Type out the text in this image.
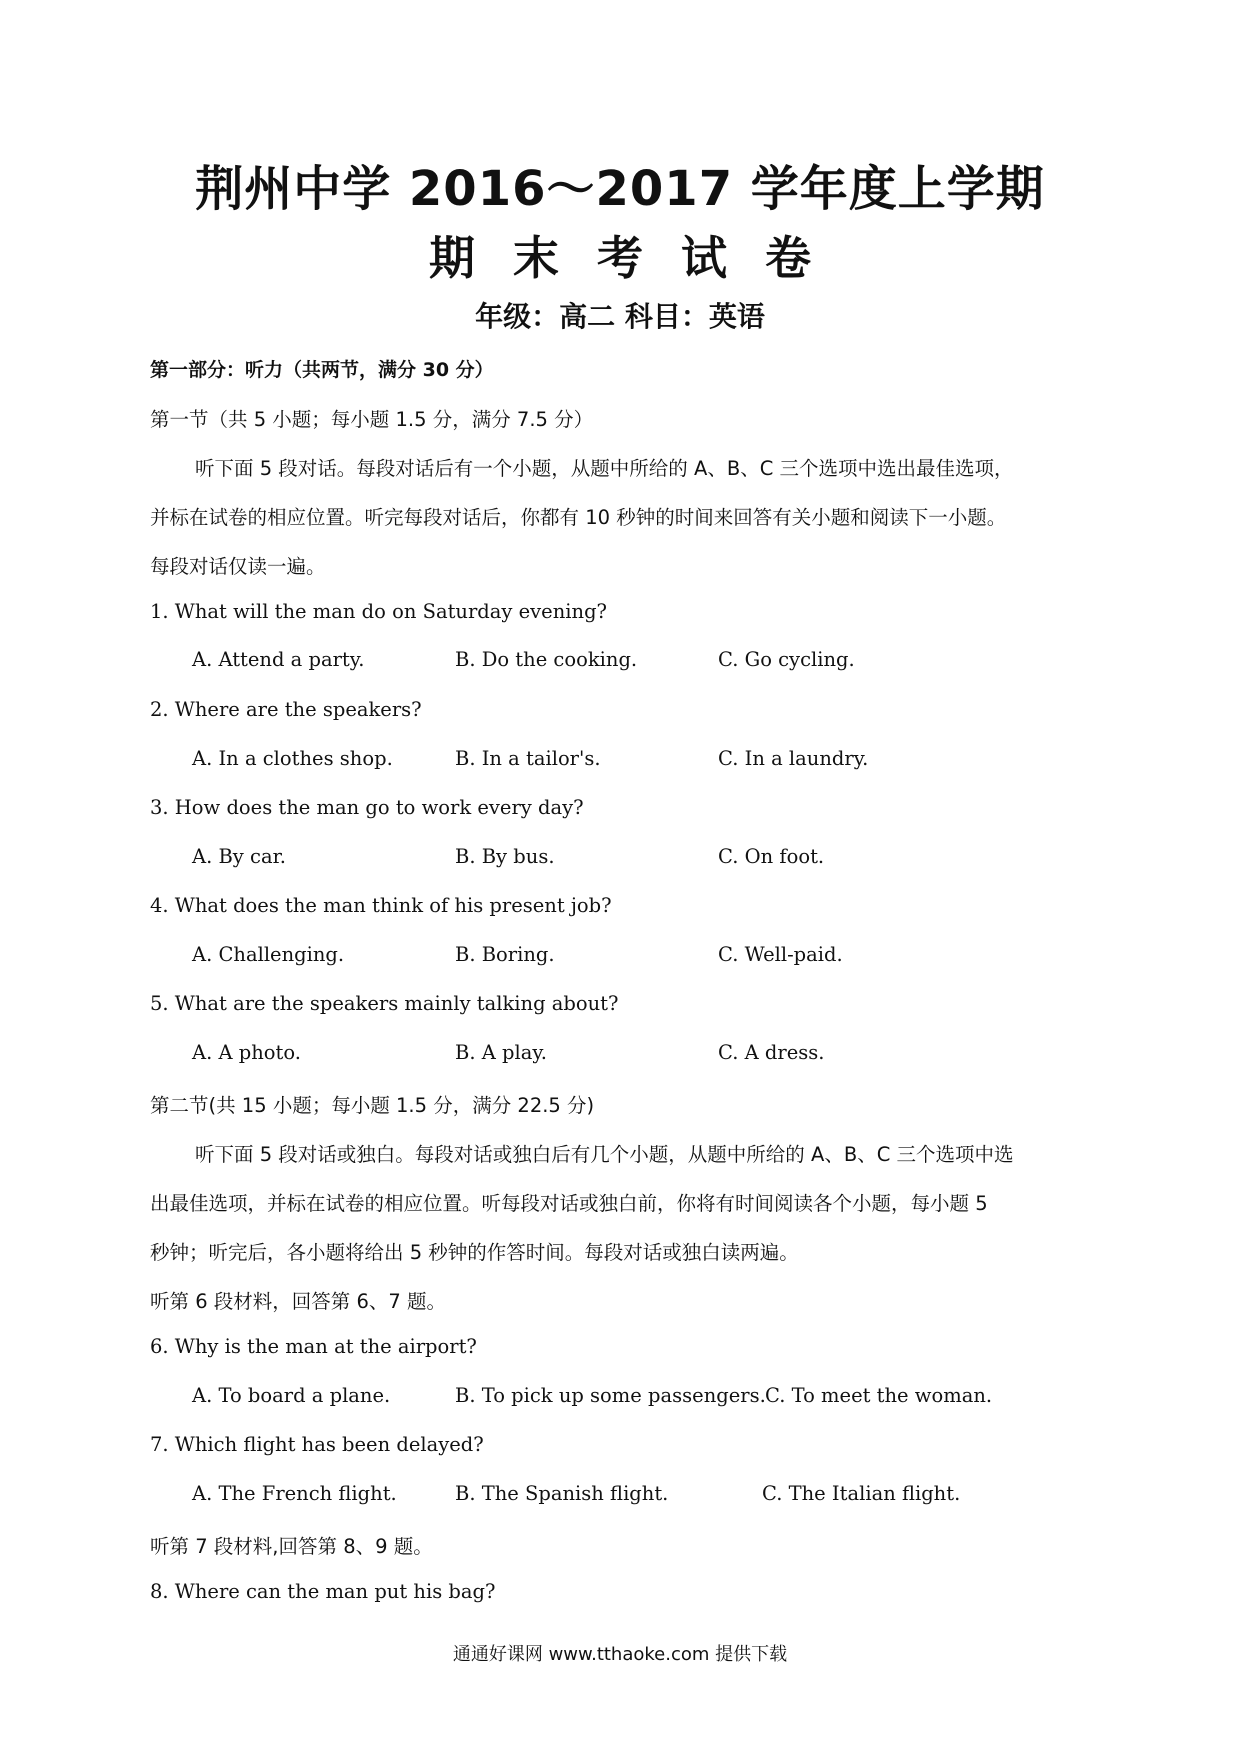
荆州中学 2016～2017 学年度上学期
期末考试卷
年级：高二 科目：英语
第一部分：听力（共两节，满分 30 分）
第一节（共 5 小题；每小题 1.5 分，满分 7.5 分）
听下面 5 段对话。每段对话后有一个小题，从题中所给的 A、B、C 三个选项中选出最佳选项，
并标在试卷的相应位置。听完每段对话后，你都有 10 秒钟的时间来回答有关小题和阅读下一小题。
每段对话仅读一遍。
1. What will the man do on Saturday evening?
A. Attend a party.	B. Do the cooking.	C. Go cycling.
2. Where are the speakers?
A. In a clothes shop.	B. In a tailor's.	C. In a laundry.
3. How does the man go to work every day?
A. By car.	B. By bus.	C. On foot.
4. What does the man think of his present job?
A. Challenging.	B. Boring.	C. Well-paid.
5. What are the speakers mainly talking about?
A. A photo.	B. A play.	C. A dress.
第二节(共 15 小题；每小题 1.5 分，满分 22.5 分)
听下面 5 段对话或独白。每段对话或独白后有几个小题，从题中所给的 A、B、C 三个选项中选
出最佳选项，并标在试卷的相应位置。听每段对话或独白前，你将有时间阅读各个小题，每小题 5
秒钟；听完后，各小题将给出 5 秒钟的作答时间。每段对话或独白读两遍。
听第 6 段材料，回答第 6、7 题。
6. Why is the man at the airport?
A. To board a plane.	B. To pick up some passengers. C. To meet the woman.
7. Which flight has been delayed?
A. The French flight.	B. The Spanish flight.	C. The Italian flight.
听第 7 段材料,回答第 8、9 题。
8. Where can the man put his bag?
通通好课网 www.tthaoke.com 提供下载
